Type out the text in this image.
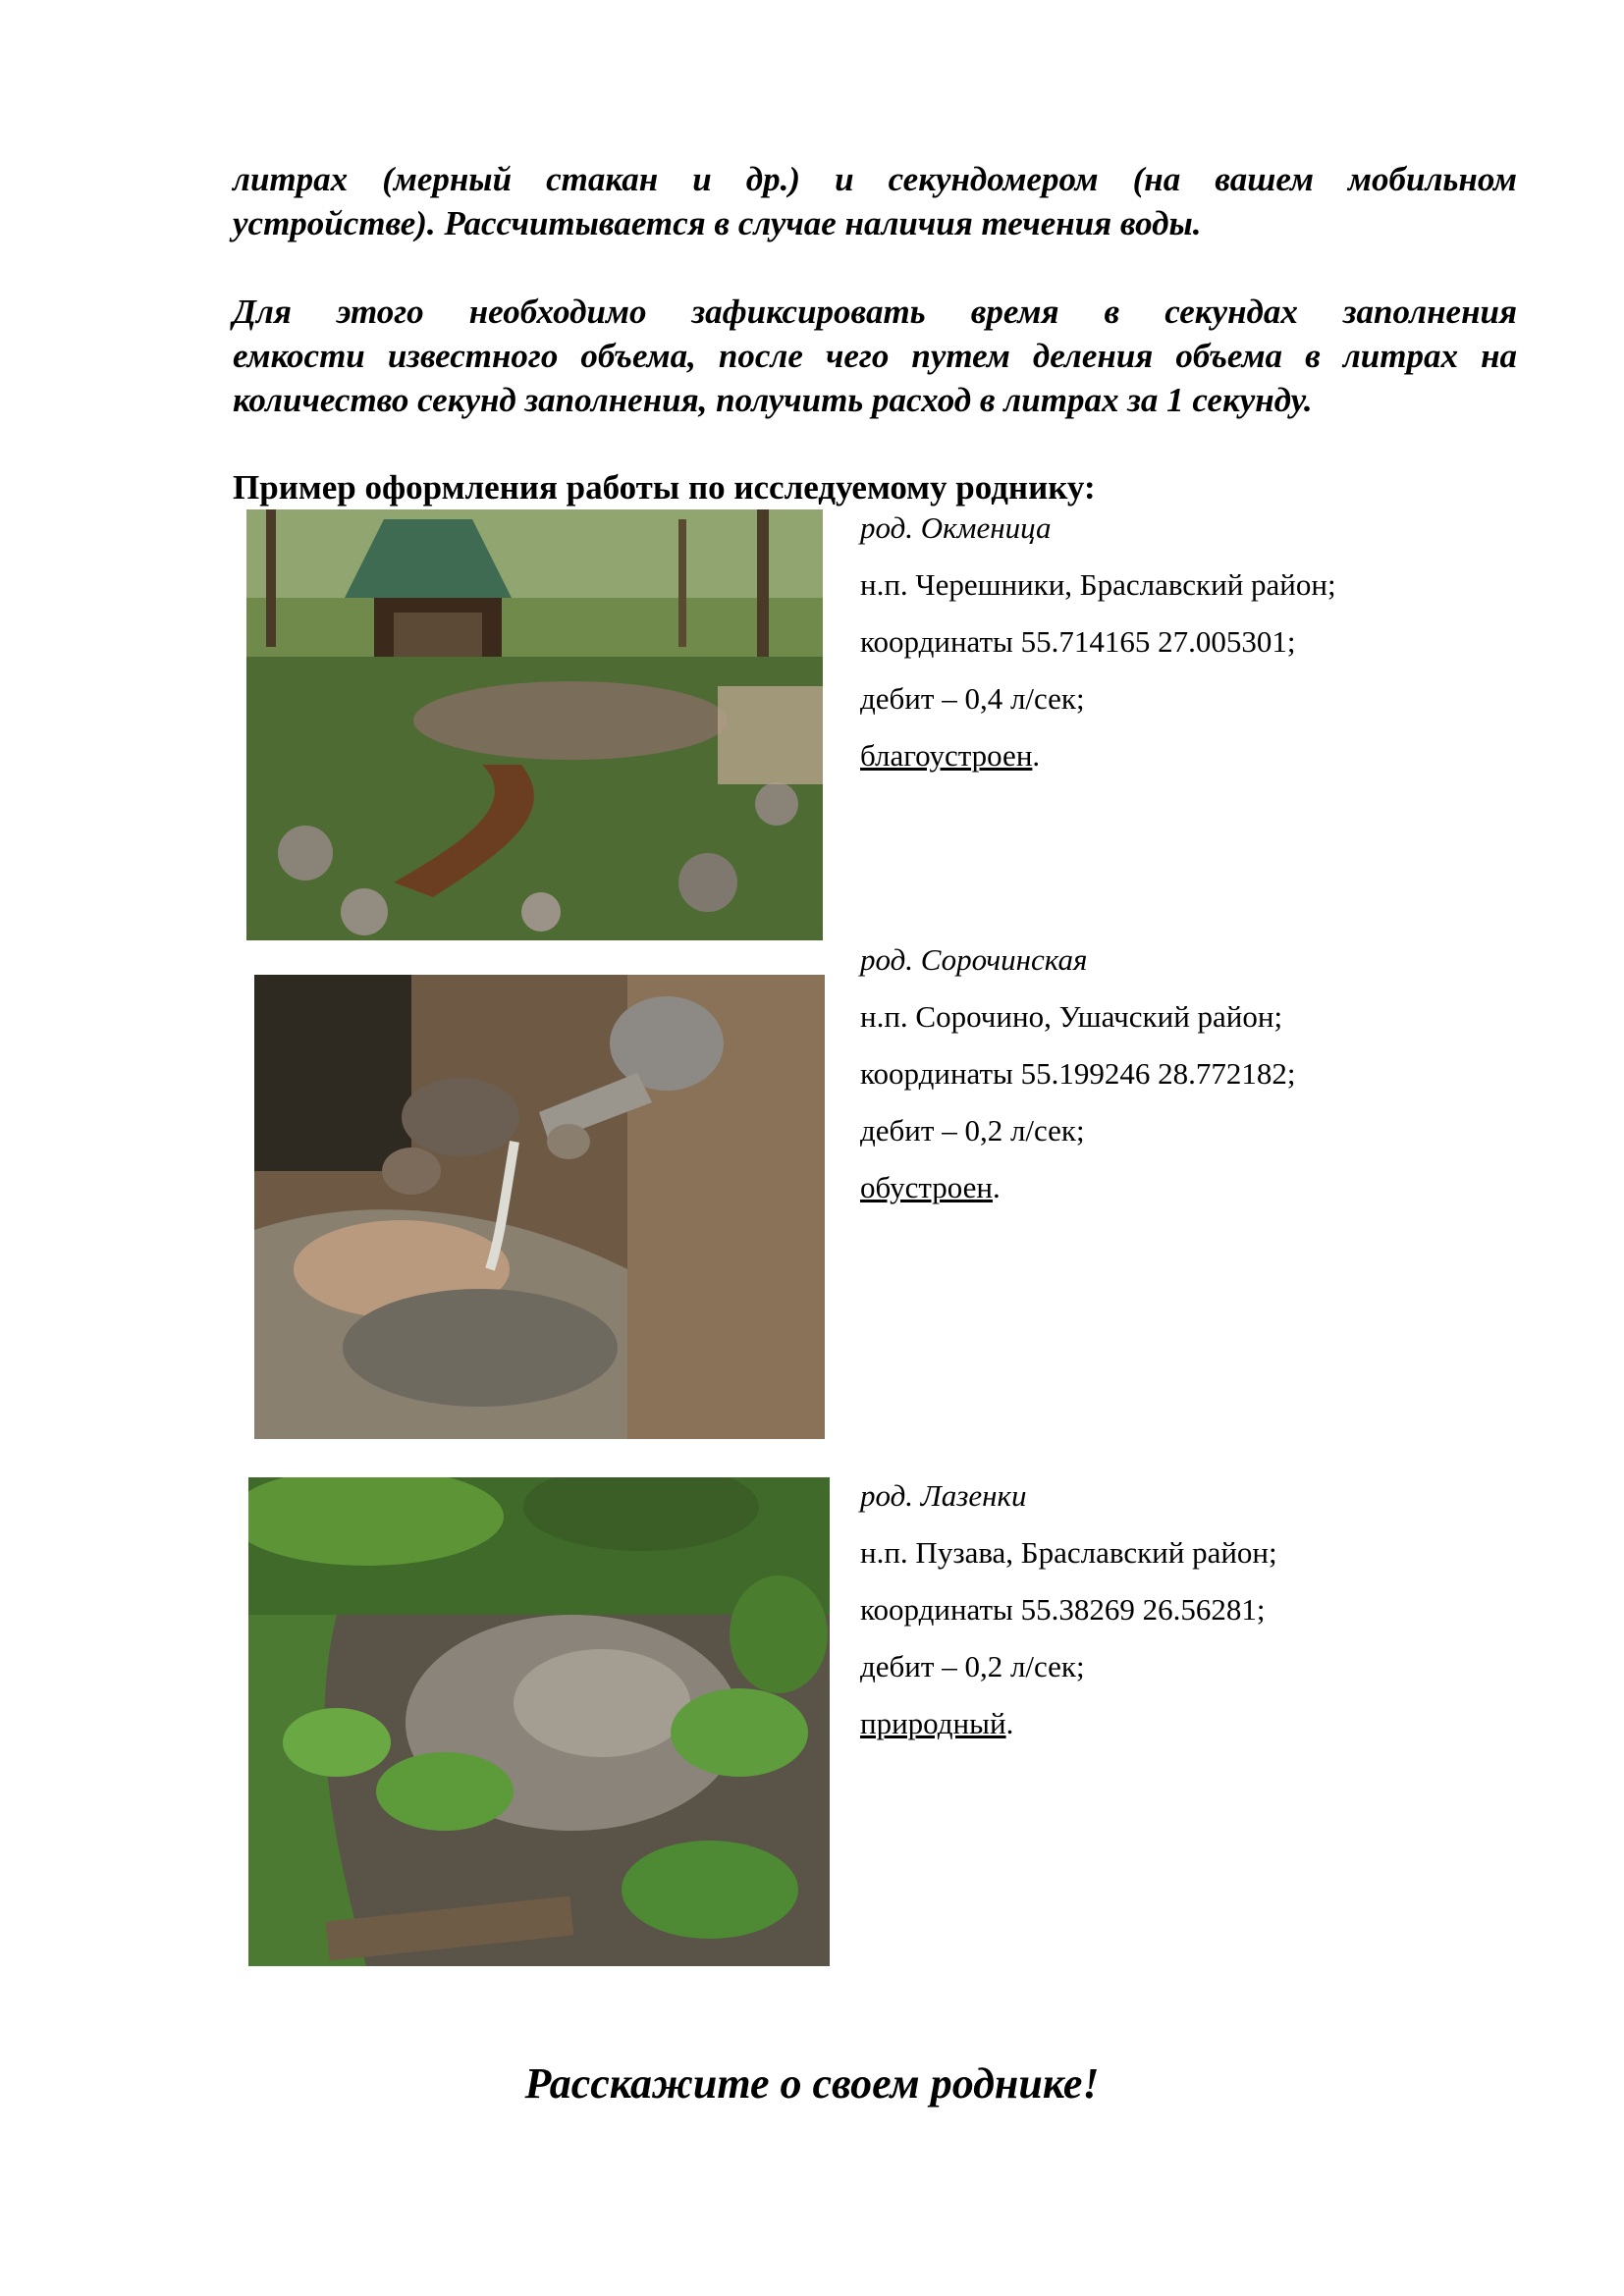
литрах (мерный стакан и др.) и секундомером (на вашем мобильном
устройстве). Рассчитывается в случае наличия течения воды.

Для этого необходимо зафиксировать время в секундах заполнения
емкости известного объема, после чего путем деления объема в литрах на
количество секунд заполнения, получить расход в литрах за 1 секунду.

Пример оформления работы по исследуемому роднику:
род. Окменица
н.п. Черешники, Браславский район;
координаты 55.714165 27.005301;
дебит – 0,4 л/сек;
благоустроен.
род. Сорочинская
н.п. Сорочино, Ушачский район;
координаты 55.199246 28.772182;
дебит – 0,2 л/сек;
обустроен.
род. Лазенки
н.п. Пузава, Браславский район;
координаты 55.38269 26.56281;
дебит – 0,2 л/сек;
природный.

Расскажите о своем роднике!
